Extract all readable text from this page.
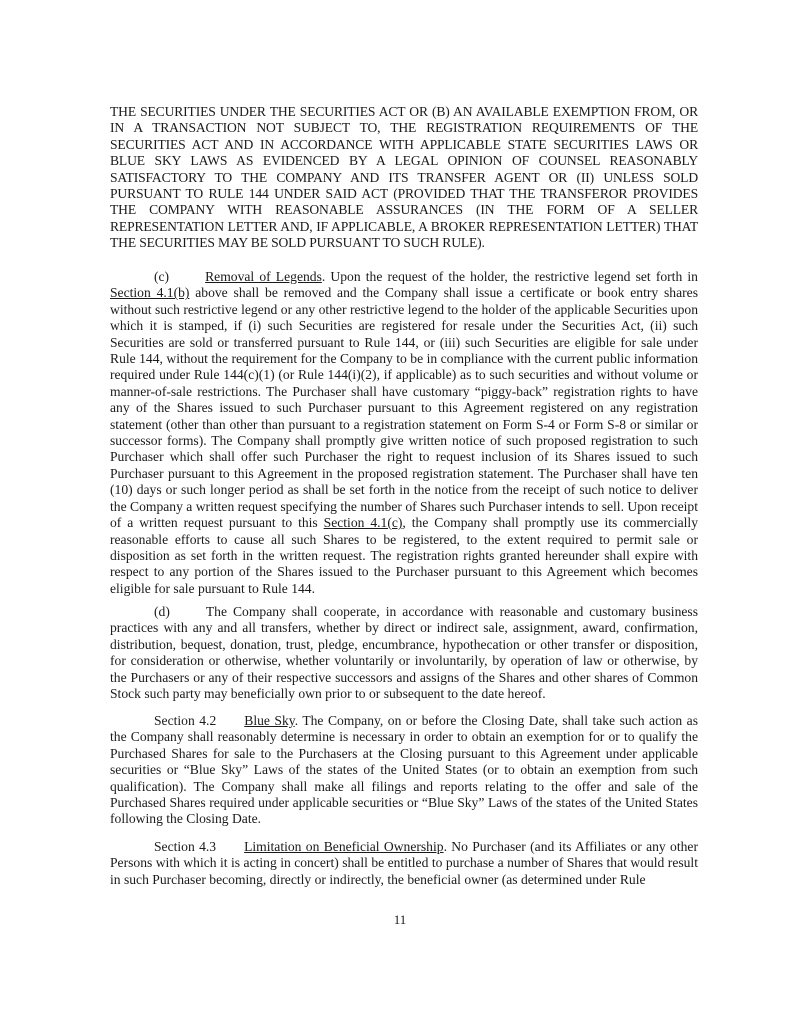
THE SECURITIES UNDER THE SECURITIES ACT OR (B) AN AVAILABLE EXEMPTION FROM, OR IN A TRANSACTION NOT SUBJECT TO, THE REGISTRATION REQUIREMENTS OF THE SECURITIES ACT AND IN ACCORDANCE WITH APPLICABLE STATE SECURITIES LAWS OR BLUE SKY LAWS AS EVIDENCED BY A LEGAL OPINION OF COUNSEL REASONABLY SATISFACTORY TO THE COMPANY AND ITS TRANSFER AGENT OR (II) UNLESS SOLD PURSUANT TO RULE 144 UNDER SAID ACT (PROVIDED THAT THE TRANSFEROR PROVIDES THE COMPANY WITH REASONABLE ASSURANCES (IN THE FORM OF A SELLER REPRESENTATION LETTER AND, IF APPLICABLE, A BROKER REPRESENTATION LETTER) THAT THE SECURITIES MAY BE SOLD PURSUANT TO SUCH RULE).

(c)	Removal of Legends. Upon the request of the holder, the restrictive legend set forth in Section 4.1(b) above shall be removed and the Company shall issue a certificate or book entry shares without such restrictive legend or any other restrictive legend to the holder of the applicable Securities upon which it is stamped, if (i) such Securities are registered for resale under the Securities Act, (ii) such Securities are sold or transferred pursuant to Rule 144, or (iii) such Securities are eligible for sale under Rule 144, without the requirement for the Company to be in compliance with the current public information required under Rule 144(c)(1) (or Rule 144(i)(2), if applicable) as to such securities and without volume or manner-of-sale restrictions. The Purchaser shall have customary “piggy-back” registration rights to have any of the Shares issued to such Purchaser pursuant to this Agreement registered on any registration statement (other than other than pursuant to a registration statement on Form S-4 or Form S-8 or similar or successor forms). The Company shall promptly give written notice of such proposed registration to such Purchaser which shall offer such Purchaser the right to request inclusion of its Shares issued to such Purchaser pursuant to this Agreement in the proposed registration statement. The Purchaser shall have ten (10) days or such longer period as shall be set forth in the notice from the receipt of such notice to deliver the Company a written request specifying the number of Shares such Purchaser intends to sell. Upon receipt of a written request pursuant to this Section 4.1(c), the Company shall promptly use its commercially reasonable efforts to cause all such Shares to be registered, to the extent required to permit sale or disposition as set forth in the written request. The registration rights granted hereunder shall expire with respect to any portion of the Shares issued to the Purchaser pursuant to this Agreement which becomes eligible for sale pursuant to Rule 144.

(d)	The Company shall cooperate, in accordance with reasonable and customary business practices with any and all transfers, whether by direct or indirect sale, assignment, award, confirmation, distribution, bequest, donation, trust, pledge, encumbrance, hypothecation or other transfer or disposition, for consideration or otherwise, whether voluntarily or involuntarily, by operation of law or otherwise, by the Purchasers or any of their respective successors and assigns of the Shares and other shares of Common Stock such party may beneficially own prior to or subsequent to the date hereof.

Section 4.2 Blue Sky. The Company, on or before the Closing Date, shall take such action as the Company shall reasonably determine is necessary in order to obtain an exemption for or to qualify the Purchased Shares for sale to the Purchasers at the Closing pursuant to this Agreement under applicable securities or “Blue Sky” Laws of the states of the United States (or to obtain an exemption from such qualification). The Company shall make all filings and reports relating to the offer and sale of the Purchased Shares required under applicable securities or “Blue Sky” Laws of the states of the United States following the Closing Date.

Section 4.3 Limitation on Beneficial Ownership. No Purchaser (and its Affiliates or any other Persons with which it is acting in concert) shall be entitled to purchase a number of Shares that would result in such Purchaser becoming, directly or indirectly, the beneficial owner (as determined under Rule

11
